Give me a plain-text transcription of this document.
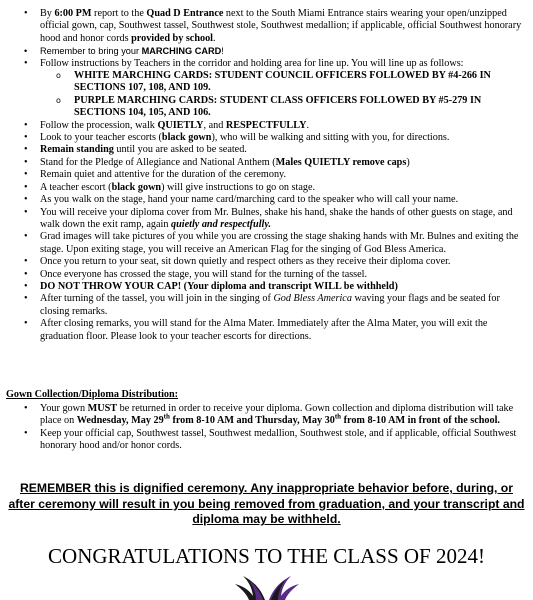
• By 6:00 PM report to the Quad D Entrance next to the South Miami Entrance stairs wearing your open/unzipped official gown, cap, Southwest tassel, Southwest stole, Southwest medallion; if applicable, official Southwest honorary hood and honor cords provided by school.
• Remember to bring your MARCHING CARD!
• Follow instructions by Teachers in the corridor and holding area for line up. You will line up as follows:
o WHITE MARCHING CARDS: STUDENT COUNCIL OFFICERS FOLLOWED BY #4-266 IN SECTIONS 107, 108, AND 109.
o PURPLE MARCHING CARDS: STUDENT CLASS OFFICERS FOLLOWED BY #5-279 IN SECTIONS 104, 105, AND 106.
• Follow the procession, walk QUIETLY, and RESPECTFULLY.
• Look to your teacher escorts (black gown), who will be walking and sitting with you, for directions.
• Remain standing until you are asked to be seated.
• Stand for the Pledge of Allegiance and National Anthem (Males QUIETLY remove caps)
• Remain quiet and attentive for the duration of the ceremony.
• A teacher escort (black gown) will give instructions to go on stage.
• As you walk on the stage, hand your name card/marching card to the speaker who will call your name.
• You will receive your diploma cover from Mr. Bulnes, shake his hand, shake the hands of other guests on stage, and walk down the exit ramp, again quietly and respectfully.
• Grad images will take pictures of you while you are crossing the stage shaking hands with Mr. Bulnes and exiting the stage. Upon exiting stage, you will receive an American Flag for the singing of God Bless America.
• Once you return to your seat, sit down quietly and respect others as they receive their diploma cover.
• Once everyone has crossed the stage, you will stand for the turning of the tassel.
• DO NOT THROW YOUR CAP! (Your diploma and transcript WILL be withheld)
• After turning of the tassel, you will join in the singing of God Bless America waving your flags and be seated for closing remarks.
• After closing remarks, you will stand for the Alma Mater. Immediately after the Alma Mater, you will exit the graduation floor. Please look to your teacher escorts for directions.
Gown Collection/Diploma Distribution:
• Your gown MUST be returned in order to receive your diploma. Gown collection and diploma distribution will take place on Wednesday, May 29th from 8-10 AM and Thursday, May 30th from 8-10 AM in front of the school.
• Keep your official cap, Southwest tassel, Southwest medallion, Southwest stole, and if applicable, official Southwest honorary hood and/or honor cords.
REMEMBER this is dignified ceremony. Any inappropriate behavior before, during, or after ceremony will result in you being removed from graduation, and your transcript and diploma may be withheld.
CONGRATULATIONS TO THE CLASS OF 2024!
